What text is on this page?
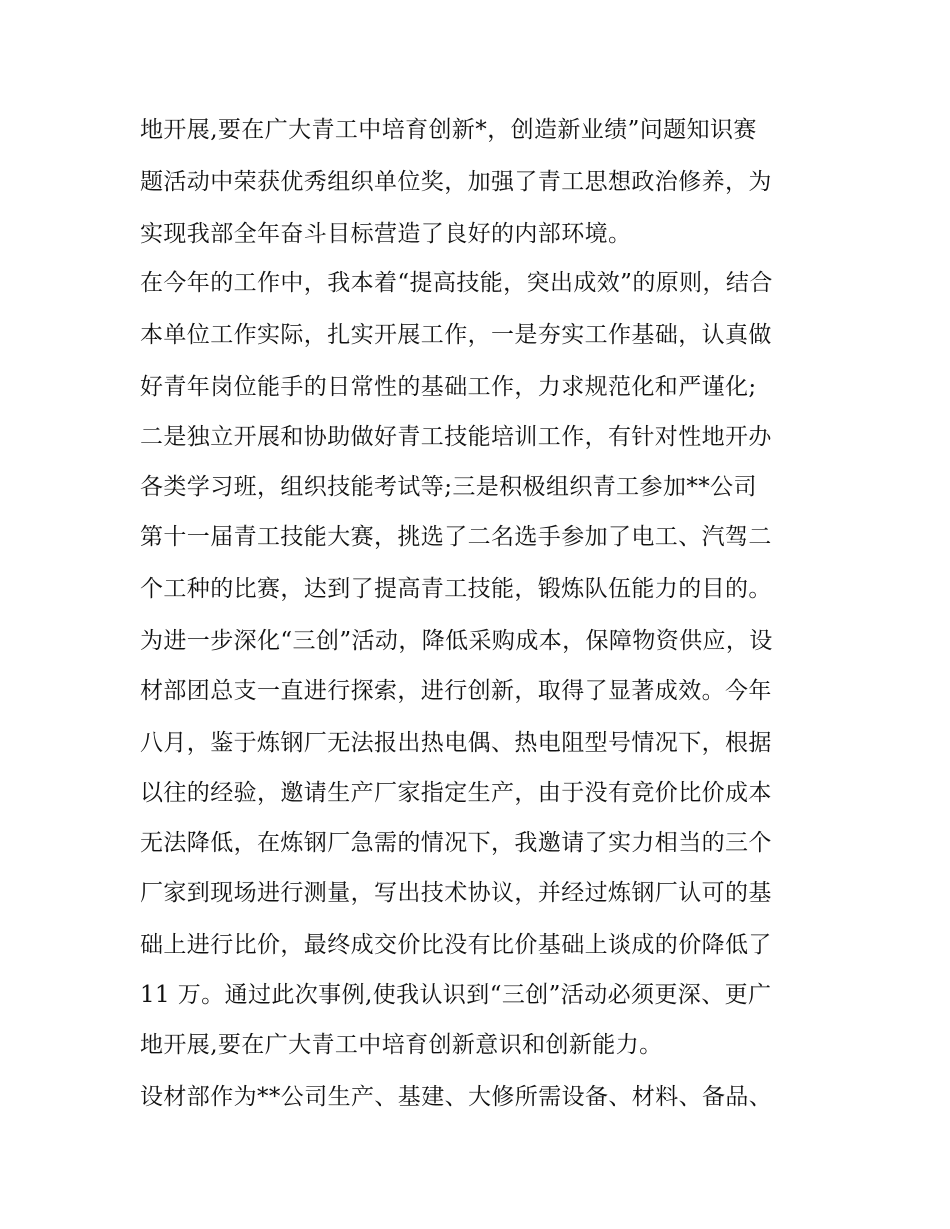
地开展,要在广大青工中培育创新*，创造新业绩”问题知识赛
题活动中荣获优秀组织单位奖，加强了青工思想政治修养，为
实现我部全年奋斗目标营造了良好的内部环境。
在今年的工作中，我本着“提高技能，突出成效”的原则，结合
本单位工作实际，扎实开展工作，一是夯实工作基础，认真做
好青年岗位能手的日常性的基础工作，力求规范化和严谨化;
二是独立开展和协助做好青工技能培训工作，有针对性地开办
各类学习班，组织技能考试等;三是积极组织青工参加**公司
第十一届青工技能大赛，挑选了二名选手参加了电工、汽驾二
个工种的比赛，达到了提高青工技能，锻炼队伍能力的目的。
为进一步深化“三创”活动，降低采购成本，保障物资供应，设
材部团总支一直进行探索，进行创新，取得了显著成效。今年
八月，鉴于炼钢厂无法报出热电偶、热电阻型号情况下，根据
以往的经验，邀请生产厂家指定生产，由于没有竞价比价成本
无法降低，在炼钢厂急需的情况下，我邀请了实力相当的三个
厂家到现场进行测量，写出技术协议，并经过炼钢厂认可的基
础上进行比价，最终成交价比没有比价基础上谈成的价降低了
11 万。通过此次事例,使我认识到“三创”活动必须更深、更广
地开展,要在广大青工中培育创新意识和创新能力。
设材部作为**公司生产、基建、大修所需设备、材料、备品、
